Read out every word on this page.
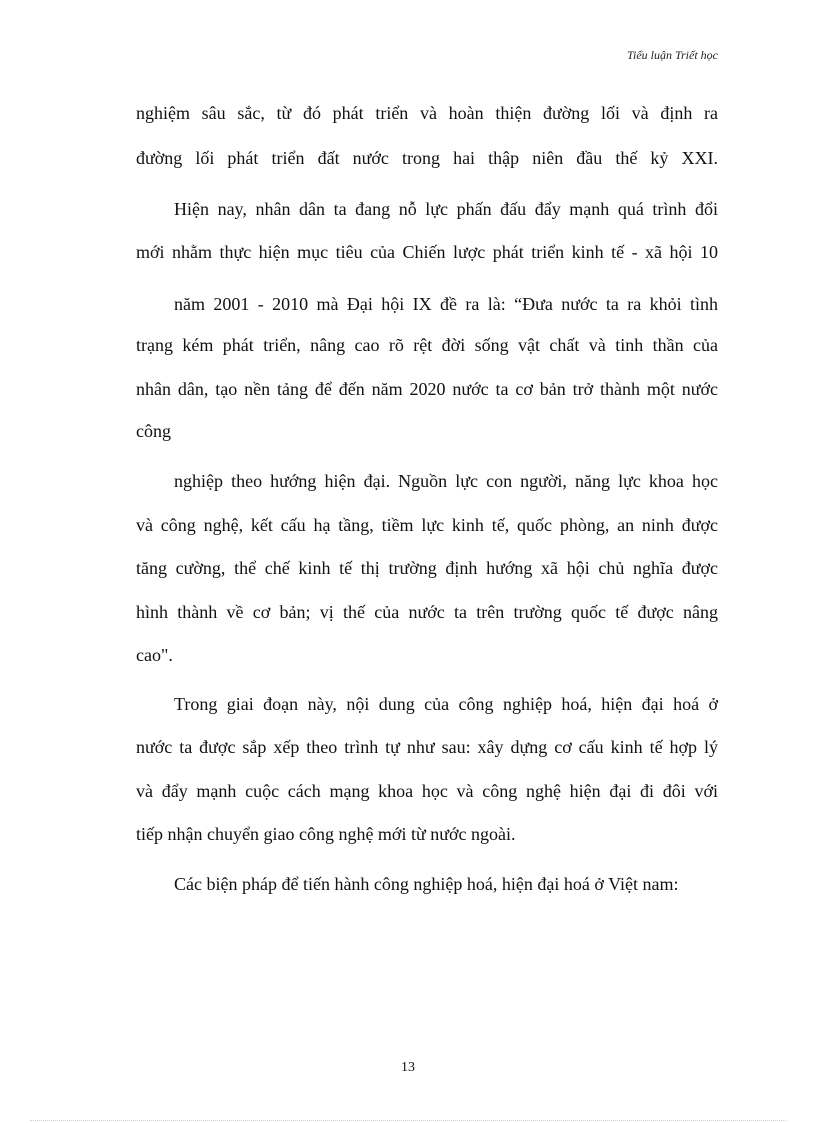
Tiểu luận Triết học
nghiệm sâu sắc, từ đó phát triển và hoàn thiện đường lối và định ra
đường lối phát triển đất nước trong hai thập niên đầu thế kỷ XXI.
Hiện nay, nhân dân ta đang nỗ lực phấn đấu đẩy mạnh quá trình đổi
mới nhằm thực hiện mục tiêu của Chiến lược phát triển kinh tế - xã hội 10
năm 2001 - 2010 mà Đại hội IX đề ra là: “Đưa nước ta ra khỏi tình
trạng kém phát triển, nâng cao rõ rệt đời sống vật chất và tinh thần của
nhân dân, tạo nền tảng để đến năm 2020 nước ta cơ bản trở thành một nước
công
nghiệp theo hướng hiện đại. Nguồn lực con người, năng lực khoa học
và công nghệ, kết cấu hạ tầng, tiềm lực kinh tế, quốc phòng, an ninh được
tăng cường, thể chế kinh tế thị trường định hướng xã hội chủ nghĩa được
hình thành về cơ bản; vị thế của nước ta trên trường quốc tế được nâng
cao".
Trong giai đoạn này, nội dung của công nghiệp hoá, hiện đại hoá ở
nước ta được sắp xếp theo trình tự như sau: xây dựng cơ cấu kinh tế hợp lý
và đẩy mạnh cuộc cách mạng khoa học và công nghệ hiện đại đi đôi với
tiếp nhận chuyển giao công nghệ mới từ nước ngoài.
Các biện pháp để tiến hành công nghiệp hoá, hiện đại hoá ở Việt nam:
13
